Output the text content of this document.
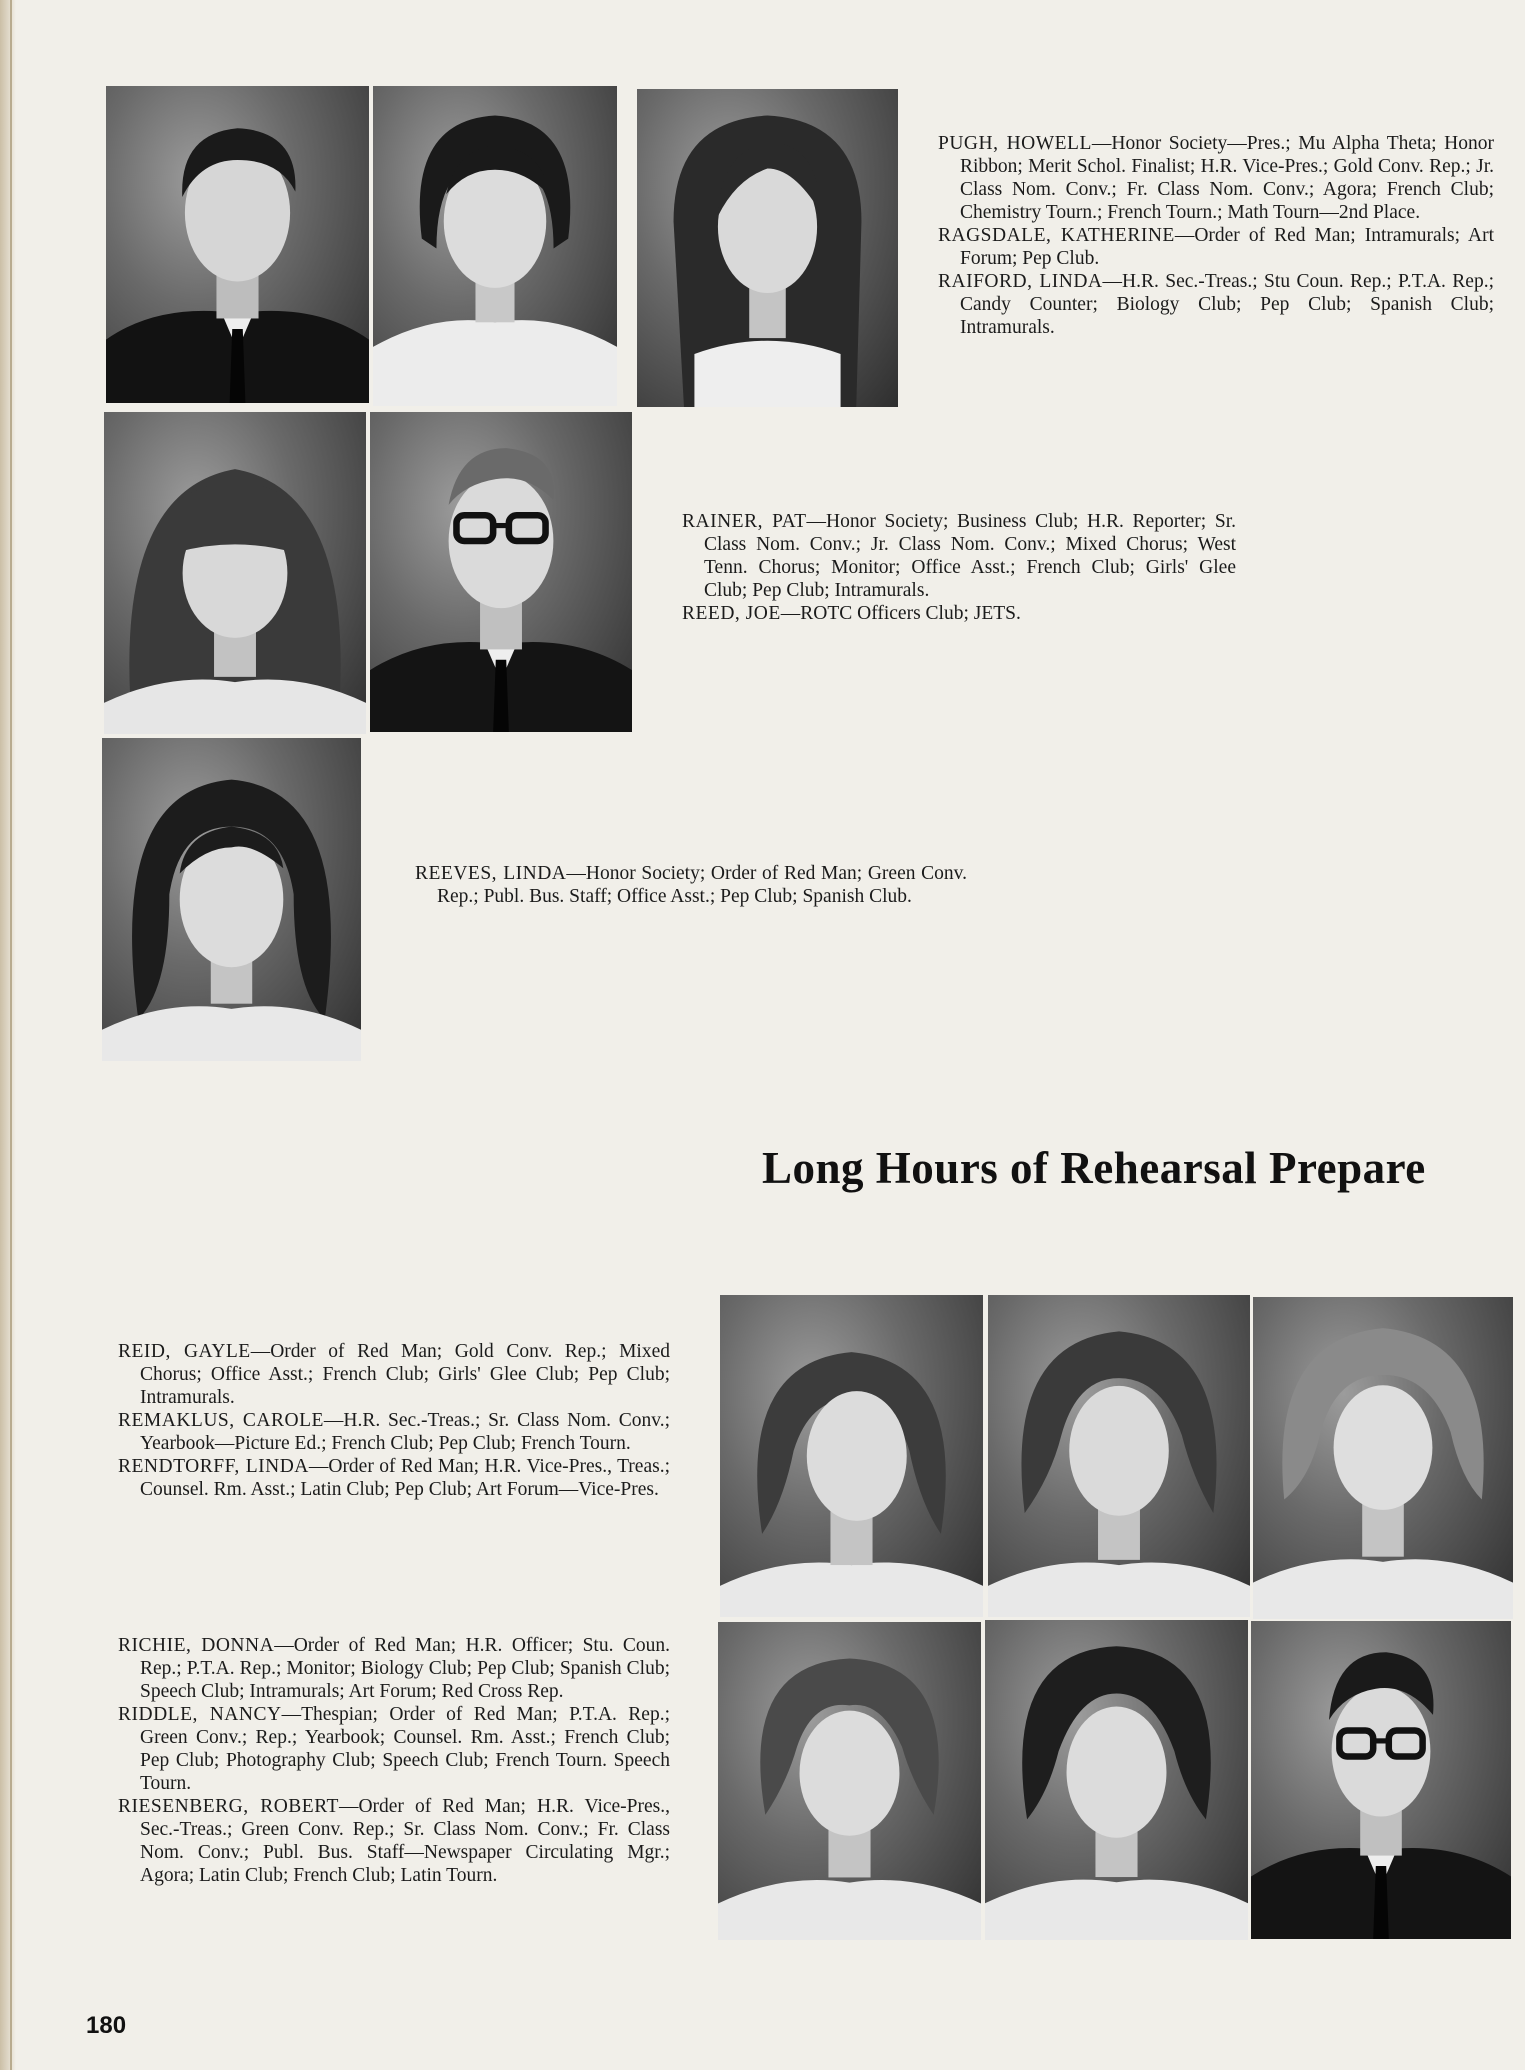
PUGH, HOWELL—Honor Society—Pres.; Mu Alpha Theta; Honor Ribbon; Merit Schol. Finalist; H.R. Vice-Pres.; Gold Conv. Rep.; Jr. Class Nom. Conv.; Fr. Class Nom. Conv.; Agora; French Club; Chemistry Tourn.; French Tourn.; Math Tourn—2nd Place.

RAGSDALE, KATHERINE—Order of Red Man; Intramurals; Art Forum; Pep Club.

RAIFORD, LINDA—H.R. Sec.-Treas.; Stu Coun. Rep.; P.T.A. Rep.; Candy Counter; Biology Club; Pep Club; Spanish Club; Intramurals.

RAINER, PAT—Honor Society; Business Club; H.R. Reporter; Sr. Class Nom. Conv.; Jr. Class Nom. Conv.; Mixed Chorus; West Tenn. Chorus; Monitor; Office Asst.; French Club; Girls' Glee Club; Pep Club; Intramurals.

REED, JOE—ROTC Officers Club; JETS.

REEVES, LINDA—Honor Society; Order of Red Man; Green Conv. Rep.; Publ. Bus. Staff; Office Asst.; Pep Club; Spanish Club.

Long Hours of Rehearsal Prepare

REID, GAYLE—Order of Red Man; Gold Conv. Rep.; Mixed Chorus; Office Asst.; French Club; Girls' Glee Club; Pep Club; Intramurals.

REMAKLUS, CAROLE—H.R. Sec.-Treas.; Sr. Class Nom. Conv.; Yearbook—Picture Ed.; French Club; Pep Club; French Tourn.

RENDTORFF, LINDA—Order of Red Man; H.R. Vice-Pres., Treas.; Counsel. Rm. Asst.; Latin Club; Pep Club; Art Forum—Vice-Pres.

RICHIE, DONNA—Order of Red Man; H.R. Officer; Stu. Coun. Rep.; P.T.A. Rep.; Monitor; Biology Club; Pep Club; Spanish Club; Speech Club; Intramurals; Art Forum; Red Cross Rep.

RIDDLE, NANCY—Thespian; Order of Red Man; P.T.A. Rep.; Green Conv.; Rep.; Yearbook; Counsel. Rm. Asst.; French Club; Pep Club; Photography Club; Speech Club; French Tourn. Speech Tourn.

RIESENBERG, ROBERT—Order of Red Man; H.R. Vice-Pres., Sec.-Treas.; Green Conv. Rep.; Sr. Class Nom. Conv.; Fr. Class Nom. Conv.; Publ. Bus. Staff—Newspaper Circulating Mgr.; Agora; Latin Club; French Club; Latin Tourn.

180
